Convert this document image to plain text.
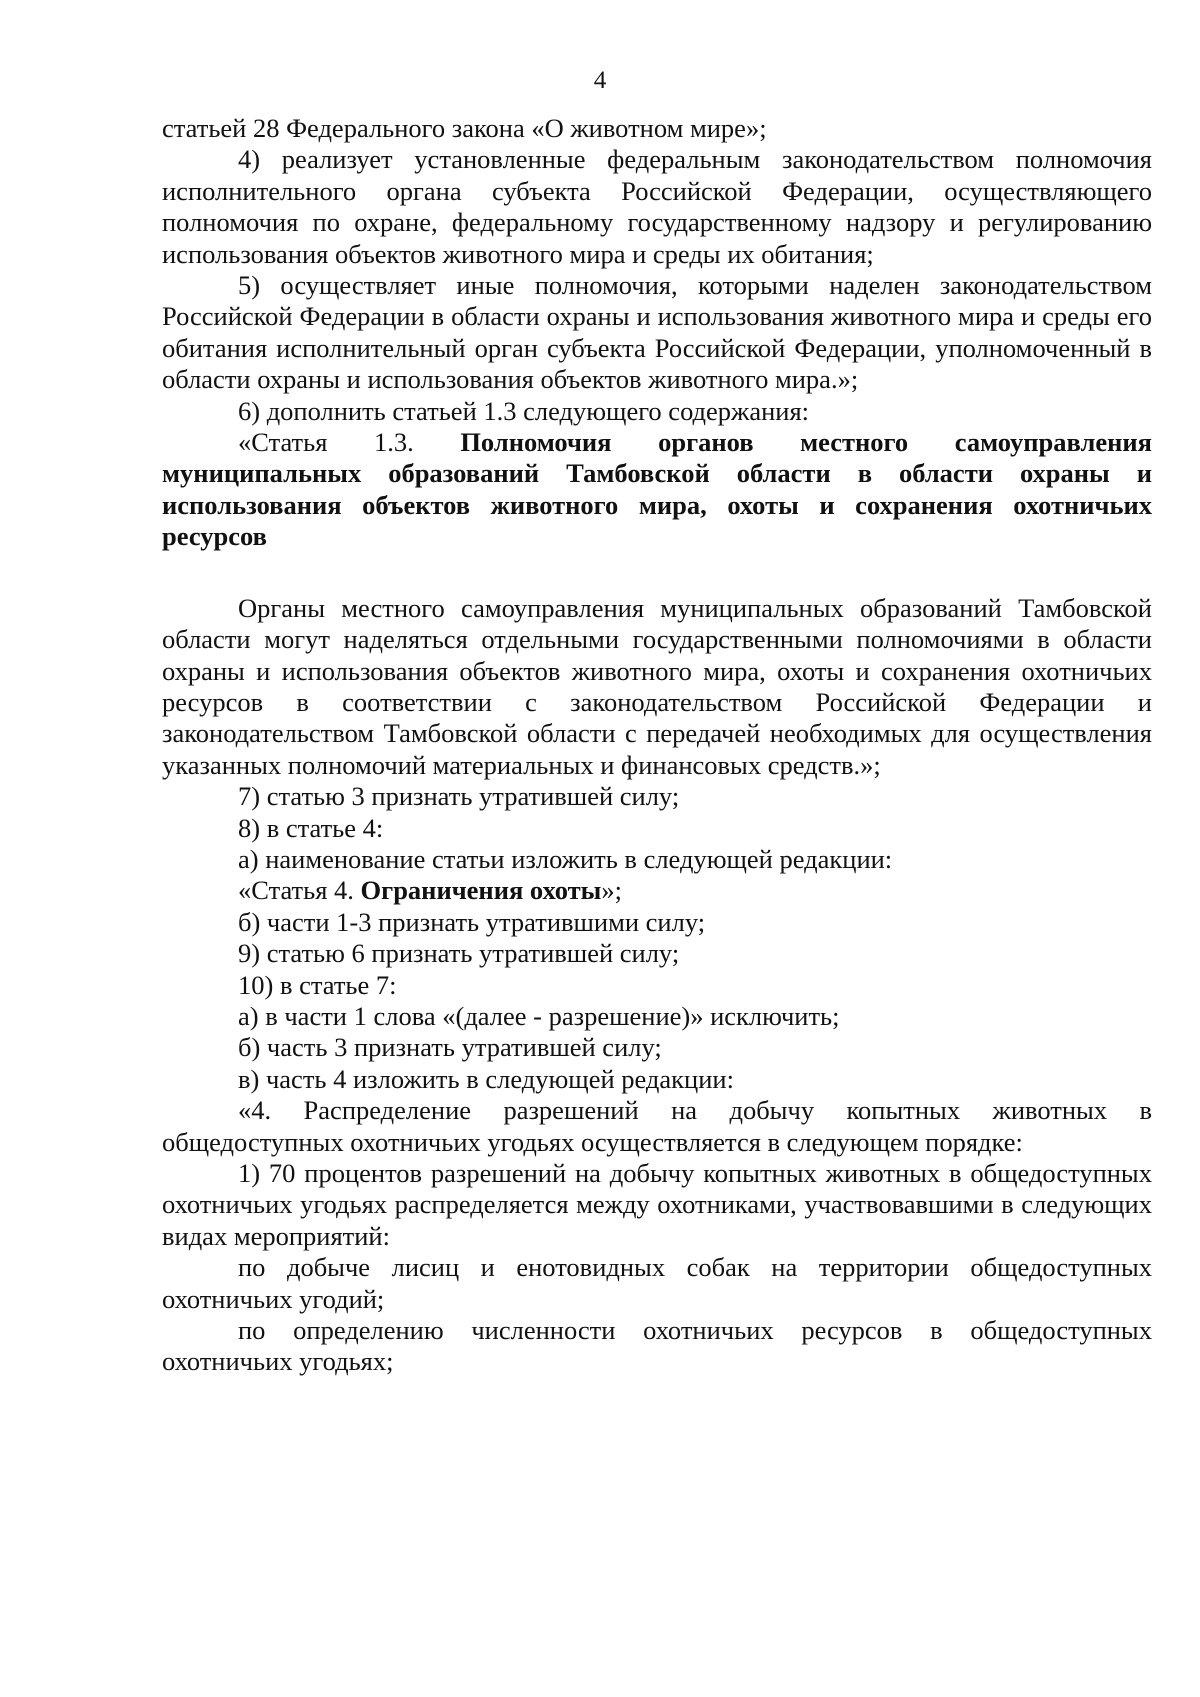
4

статьей 28 Федерального закона «О животном мире»;

4) реализует установленные федеральным законодательством полномочия исполнительного органа субъекта Российской Федерации, осуществляющего полномочия по охране, федеральному государственному надзору и регулированию использования объектов животного мира и среды их обитания;

5) осуществляет иные полномочия, которыми наделен законодательством Российской Федерации в области охраны и использования животного мира и среды его обитания исполнительный орган субъекта Российской Федерации, уполномоченный в области охраны и использования объектов животного мира.»;

6) дополнить статьей 1.3 следующего содержания:

«Статья 1.3. Полномочия органов местного самоуправления муниципальных образований Тамбовской области в области охраны и использования объектов животного мира, охоты и сохранения охотничьих ресурсов

Органы местного самоуправления муниципальных образований Тамбовской области могут наделяться отдельными государственными полномочиями в области охраны и использования объектов животного мира, охоты и сохранения охотничьих ресурсов в соответствии с законодательством Российской Федерации и законодательством Тамбовской области с передачей необходимых для осуществления указанных полномочий материальных и финансовых средств.»;

7) статью 3 признать утратившей силу;

8) в статье 4:

а) наименование статьи изложить в следующей редакции:

«Статья 4. Ограничения охоты»;

б) части 1-3 признать утратившими силу;

9) статью 6 признать утратившей силу;

10) в статье 7:

а) в части 1 слова «(далее - разрешение)» исключить;

б) часть 3 признать утратившей силу;

в) часть 4 изложить в следующей редакции:

«4. Распределение разрешений на добычу копытных животных в общедоступных охотничьих угодьях осуществляется в следующем порядке:

1) 70 процентов разрешений на добычу копытных животных в общедоступных охотничьих угодьях распределяется между охотниками, участвовавшими в следующих видах мероприятий:

по добыче лисиц и енотовидных собак на территории общедоступных охотничьих угодий;

по определению численности охотничьих ресурсов в общедоступных охотничьих угодьях;
